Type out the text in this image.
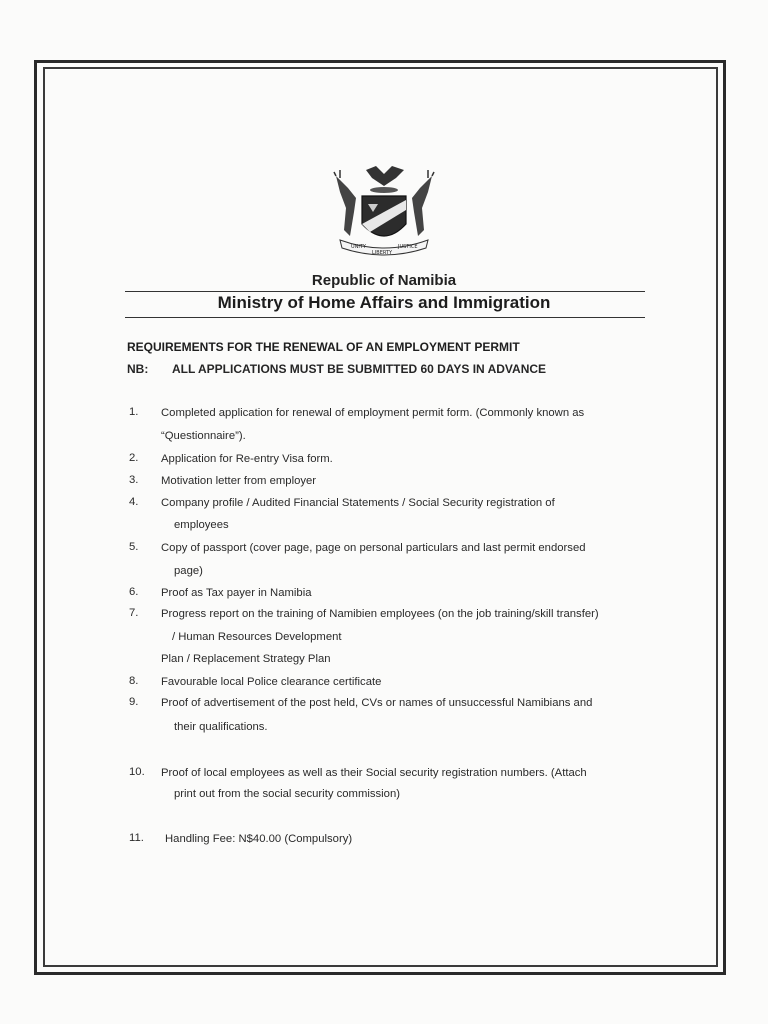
UNITY
LIBERTY
JUSTICE
Republic of Namibia
Ministry of Home Affairs and Immigration
REQUIREMENTS FOR THE RENEWAL OF AN EMPLOYMENT PERMIT
NB: ALL APPLICATIONS MUST BE SUBMITTED 60 DAYS IN ADVANCE
1. Completed application for renewal of employment permit form. (Commonly known as
“Questionnaire”).
2. Application for Re-entry Visa form.
3. Motivation letter from employer
4. Company profile / Audited Financial Statements / Social Security registration of
employees
5. Copy of passport (cover page, page on personal particulars and last permit endorsed
page)
6. Proof as Tax payer in Namibia
7. Progress report on the training of Namibien employees (on the job training/skill transfer)
/ Human Resources Development
Plan / Replacement Strategy Plan
8. Favourable local Police clearance certificate
9. Proof of advertisement of the post held, CVs or names of unsuccessful Namibians and
their qualifications.
10. Proof of local employees as well as their Social security registration numbers. (Attach
print out from the social security commission)
11. Handling Fee: N$40.00 (Compulsory)
